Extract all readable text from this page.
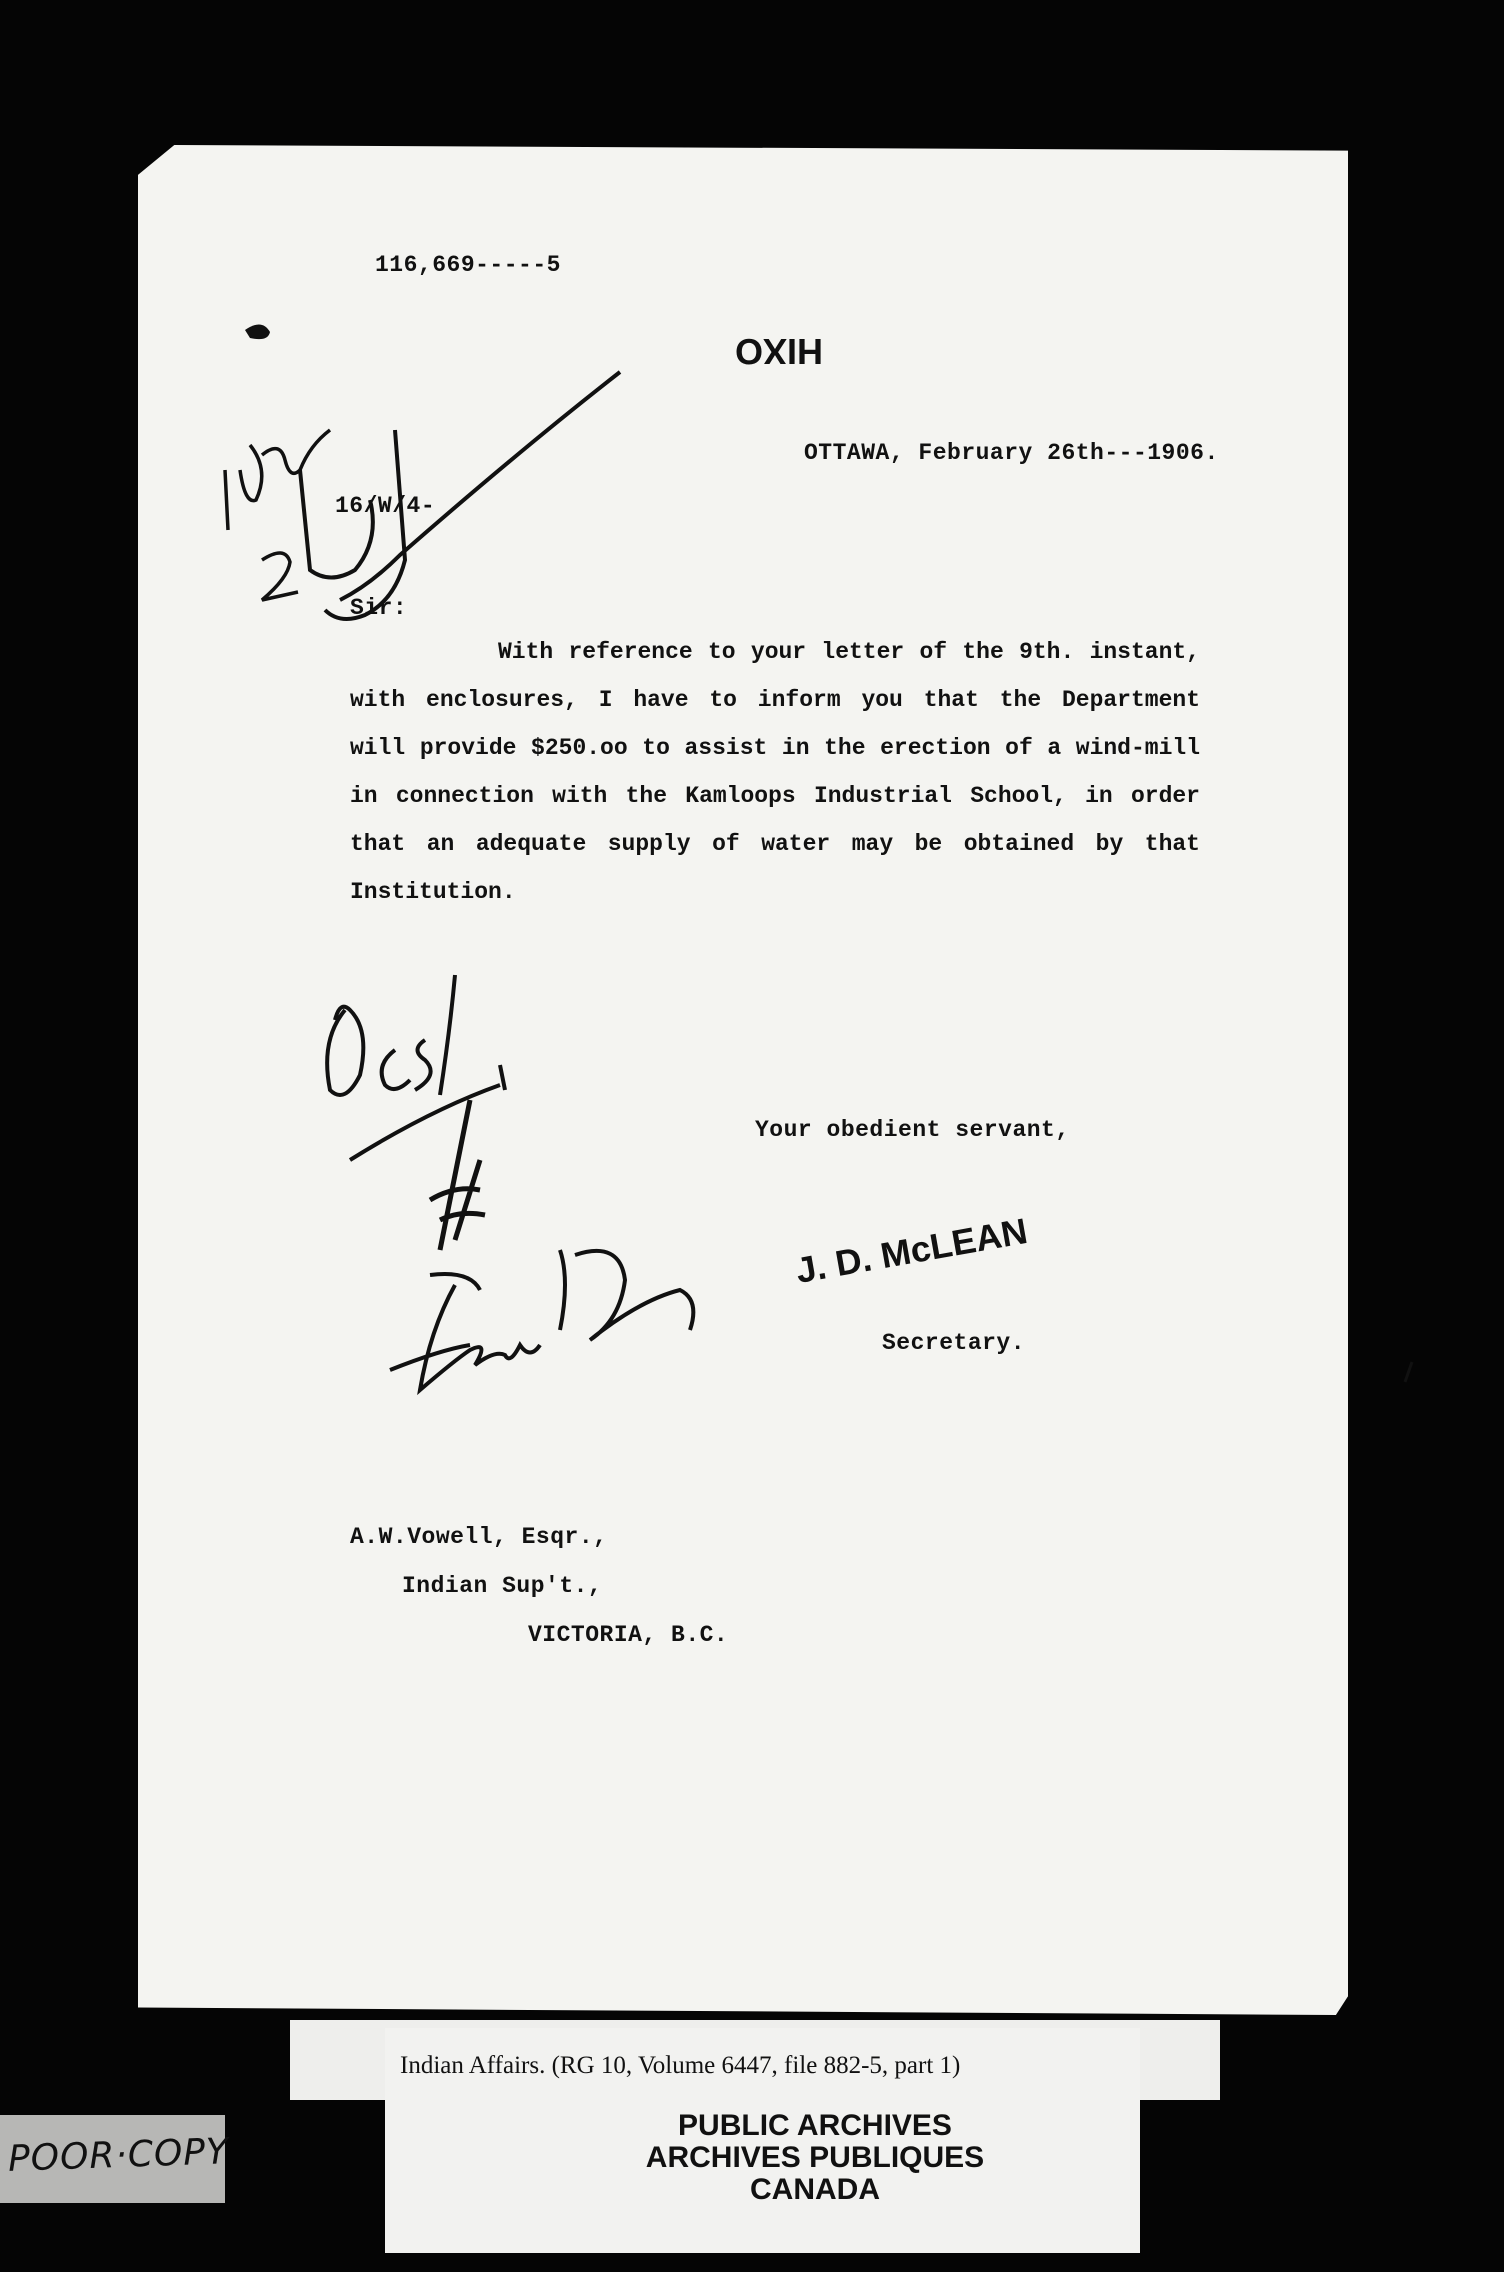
116,669-----5

HIXO

OTTAWA, February 26th---1906.

16/W/4-

Sir:

With reference to your letter of the 9th. instant, with enclosures, I have to inform you that the Department will provide $250.oo to assist in the erection of a wind-mill in connection with the Kamloops Industrial School, in order that an adequate supply of water may be obtained by that Institution.

Your obedient servant,

J. D. McLEAN

Secretary.

A.W.Vowell, Esqr.,

Indian Sup't.,

VICTORIA, B.C.

Indian Affairs. (RG 10, Volume 6447, file 882-5, part 1)
PUBLIC ARCHIVES
ARCHIVES PUBLIQUES
CANADA
POOR·COPY
